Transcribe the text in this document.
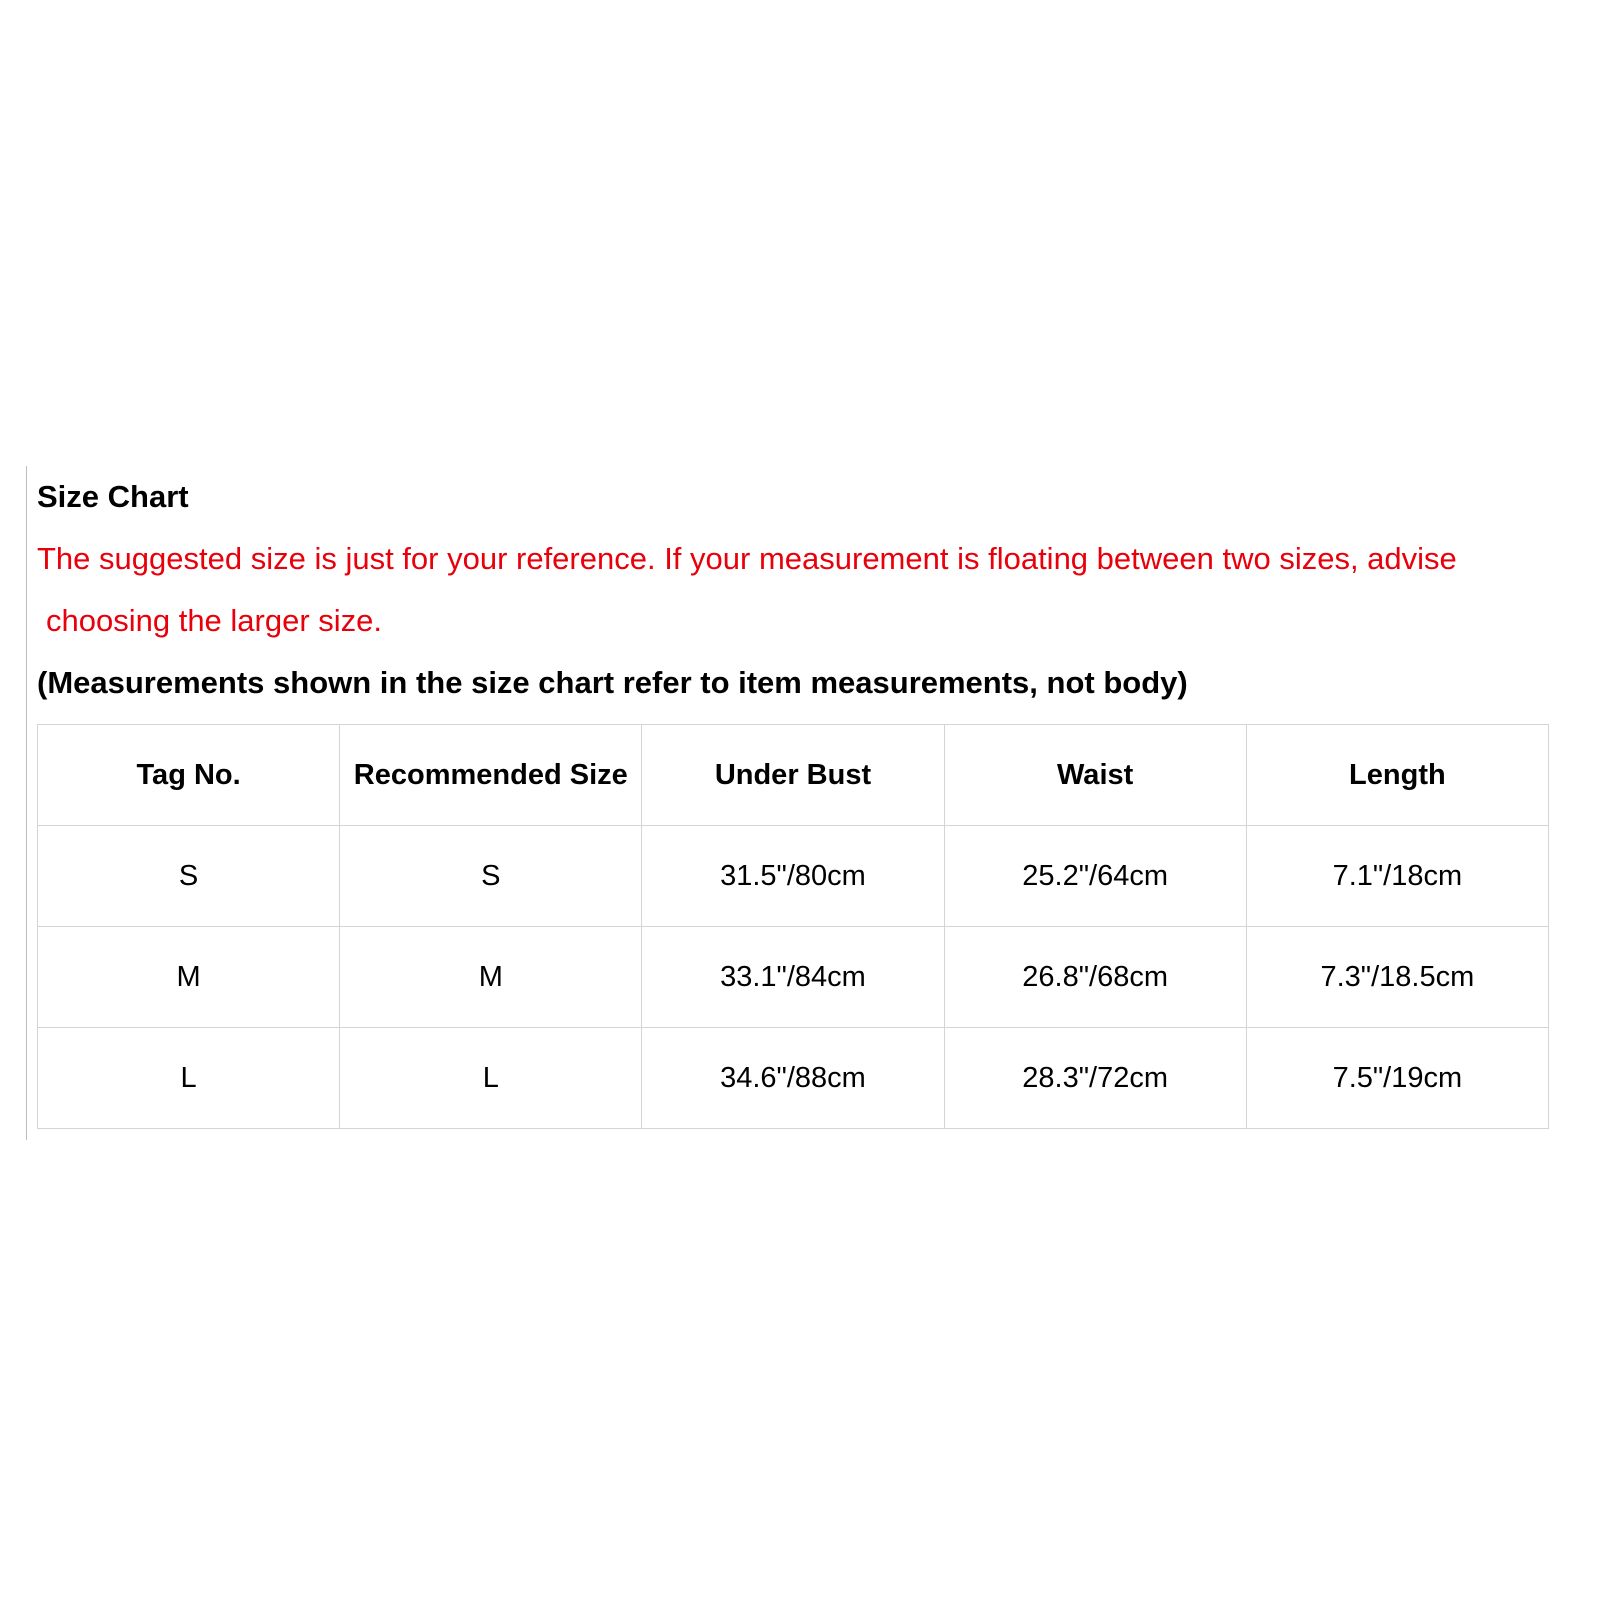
Size Chart
The suggested size is just for your reference. If your measurement is floating between two sizes, advise
choosing the larger size.
(Measurements shown in the size chart refer to item measurements, not body)
Tag No.	Recommended Size	Under Bust	Waist	Length
S	S	31.5"/80cm	25.2"/64cm	7.1"/18cm
M	M	33.1"/84cm	26.8"/68cm	7.3"/18.5cm
L	L	34.6"/88cm	28.3"/72cm	7.5"/19cm
